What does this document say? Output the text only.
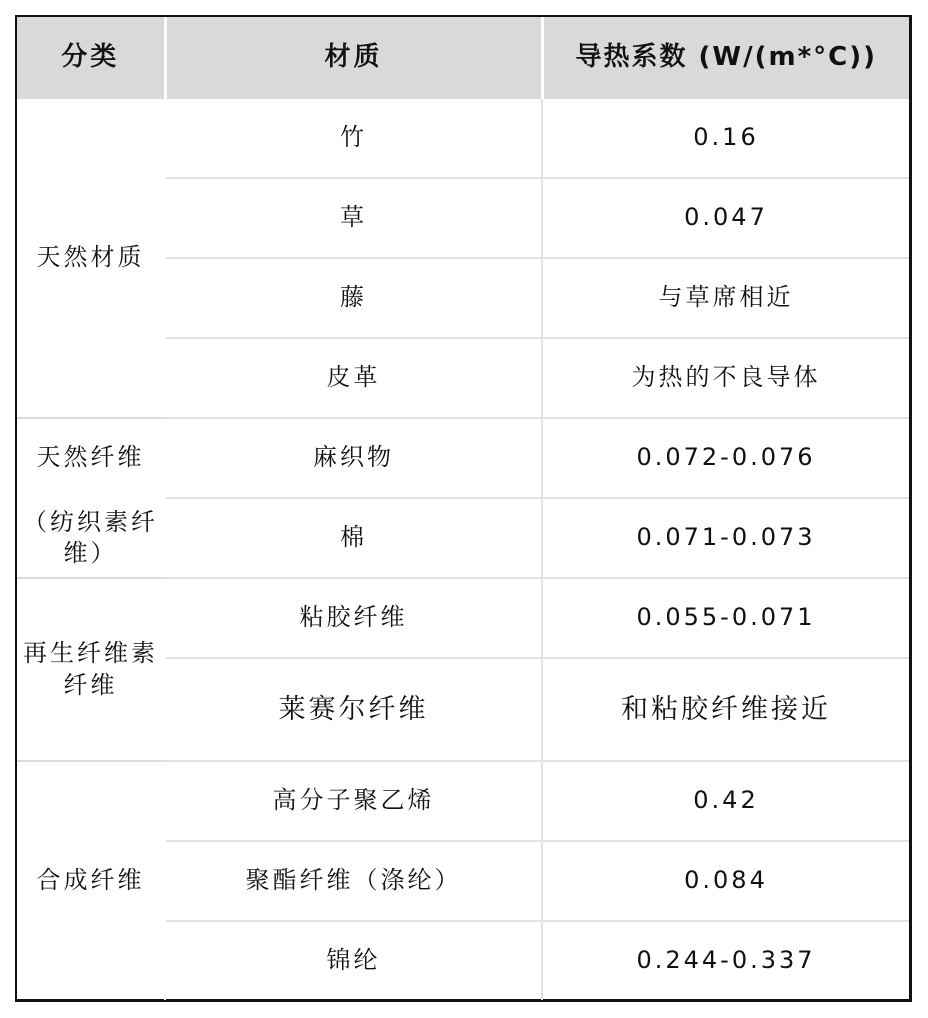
分类	材质	导热系数 (W/(m*°C))
天然材质	竹	0.16
	草	0.047
	藤	与草席相近
	皮革	为热的不良导体
天然纤维	麻织物	0.072-0.076
（纺织素纤维）	棉	0.071-0.073
再生纤维素纤维	粘胶纤维	0.055-0.071
	莱赛尔纤维	和粘胶纤维接近
合成纤维	高分子聚乙烯	0.42
	聚酯纤维（涤纶）	0.084
	锦纶	0.244-0.337
